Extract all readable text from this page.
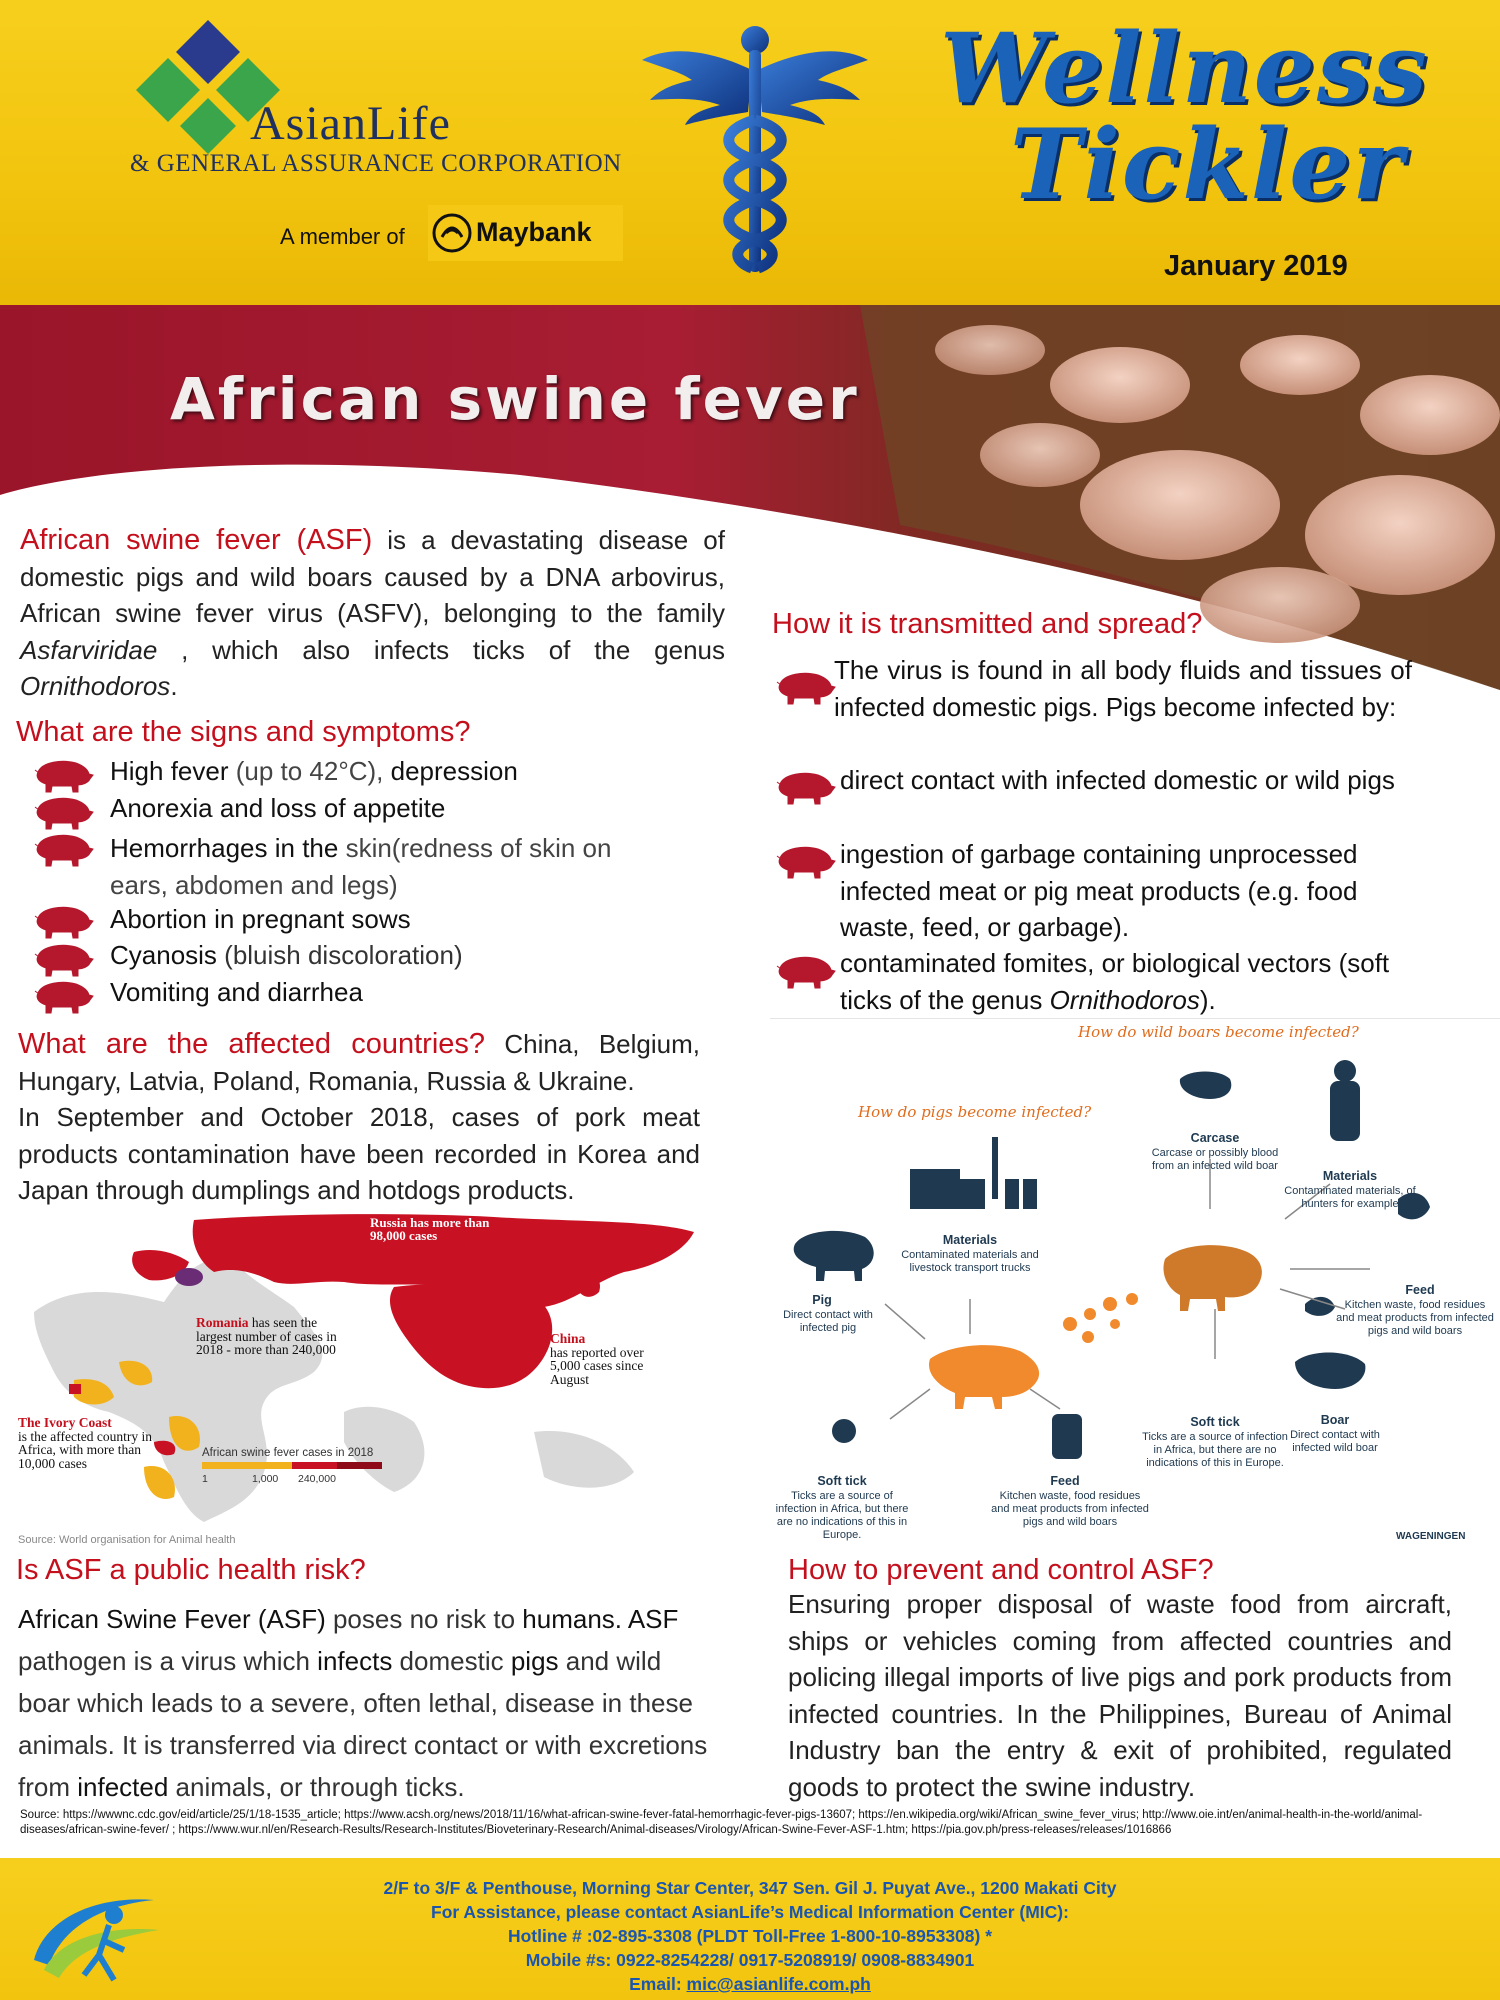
AsianLife
& GENERAL ASSURANCE CORPORATION
A member of	Maybank
Wellness
Tickler
January 2019
African swine fever
African swine fever (ASF) is a devastating disease of domestic pigs and wild boars caused by a DNA arbovirus, African swine fever virus (ASFV), belonging to the family Asfarviridae , which also infects ticks of the genus Ornithodoros.
What are the signs and symptoms?
High fever (up to 42°C), depression
Anorexia and loss of appetite
Hemorrhages in the skin(redness of skin on
ears, abdomen and legs)
Abortion in pregnant sows
Cyanosis (bluish discoloration)
Vomiting and diarrhea
What are the affected countries? China, Belgium, Hungary, Latvia, Poland, Romania, Russia & Ukraine.
In September and October 2018, cases of pork meat products contamination have been recorded in Korea and Japan through dumplings and hotdogs products.
African swine fever cases in 2018
1	1,000 240,000
Russia has more than 98,000 cases
Romania has seen the largest number of cases in 2018 - more than 240,000
China
has reported over 5,000 cases since August
The Ivory Coast
is the affected country in Africa, with more than 10,000 cases
Source: World organisation for Animal health
How it is transmitted and spread?
The virus is found in all body fluids and tissues of infected domestic pigs. Pigs become infected by:
direct contact with infected domestic or wild pigs
ingestion of garbage containing unprocessed infected meat or pig meat products (e.g. food waste, feed, or garbage).
contaminated fomites, or biological vectors (soft ticks of the genus Ornithodoros).
How do wild boars become infected?
How do pigs become infected?
Carcase
Carcase or possibly blood from an infected wild boar
Materials
Contaminated materials, of hunters for example
Materials
Contaminated materials and livestock transport trucks
Pig
Direct contact with infected pig
Feed
Kitchen waste, food residues and meat products from infected pigs and wild boars
Soft tick
Ticks are a source of infection in Africa, but there are no indications of this in Europe.
Boar
Direct contact with infected wild boar
Soft tick
Ticks are a source of infection in Africa, but there are no indications of this in Europe.
Feed
Kitchen waste, food residues and meat products from infected pigs and wild boars
WAGENINGEN
Is ASF a public health risk?
African Swine Fever (ASF) poses no risk to humans. ASF pathogen is a virus which infects domestic pigs and wild boar which leads to a severe, often lethal, disease in these animals. It is transferred via direct contact or with excretions from infected animals, or through ticks.
How to prevent and control ASF?
Ensuring proper disposal of waste food from aircraft, ships or vehicles coming from affected countries and policing illegal imports of live pigs and pork products from infected countries. In the Philippines, Bureau of Animal Industry ban the entry & exit of prohibited, regulated goods to protect the swine industry.
Source: https://wwwnc.cdc.gov/eid/article/25/1/18-1535_article; https://www.acsh.org/news/2018/11/16/what-african-swine-fever-fatal-hemorrhagic-fever-pigs-13607; https://en.wikipedia.org/wiki/African_swine_fever_virus; http://www.oie.int/en/animal-health-in-the-world/animal-diseases/african-swine-fever/ ; https://www.wur.nl/en/Research-Results/Research-Institutes/Bioveterinary-Research/Animal-diseases/Virology/African-Swine-Fever-ASF-1.htm; https://pia.gov.ph/press-releases/releases/1016866
2/F to 3/F & Penthouse, Morning Star Center, 347 Sen. Gil J. Puyat Ave., 1200 Makati City
For Assistance, please contact AsianLife’s Medical Information Center (MIC):
Hotline # :02-895-3308 (PLDT Toll-Free 1-800-10-8953308) *
Mobile #s: 0922-8254228/ 0917-5208919/ 0908-8834901
Email: mic@asianlife.com.ph
